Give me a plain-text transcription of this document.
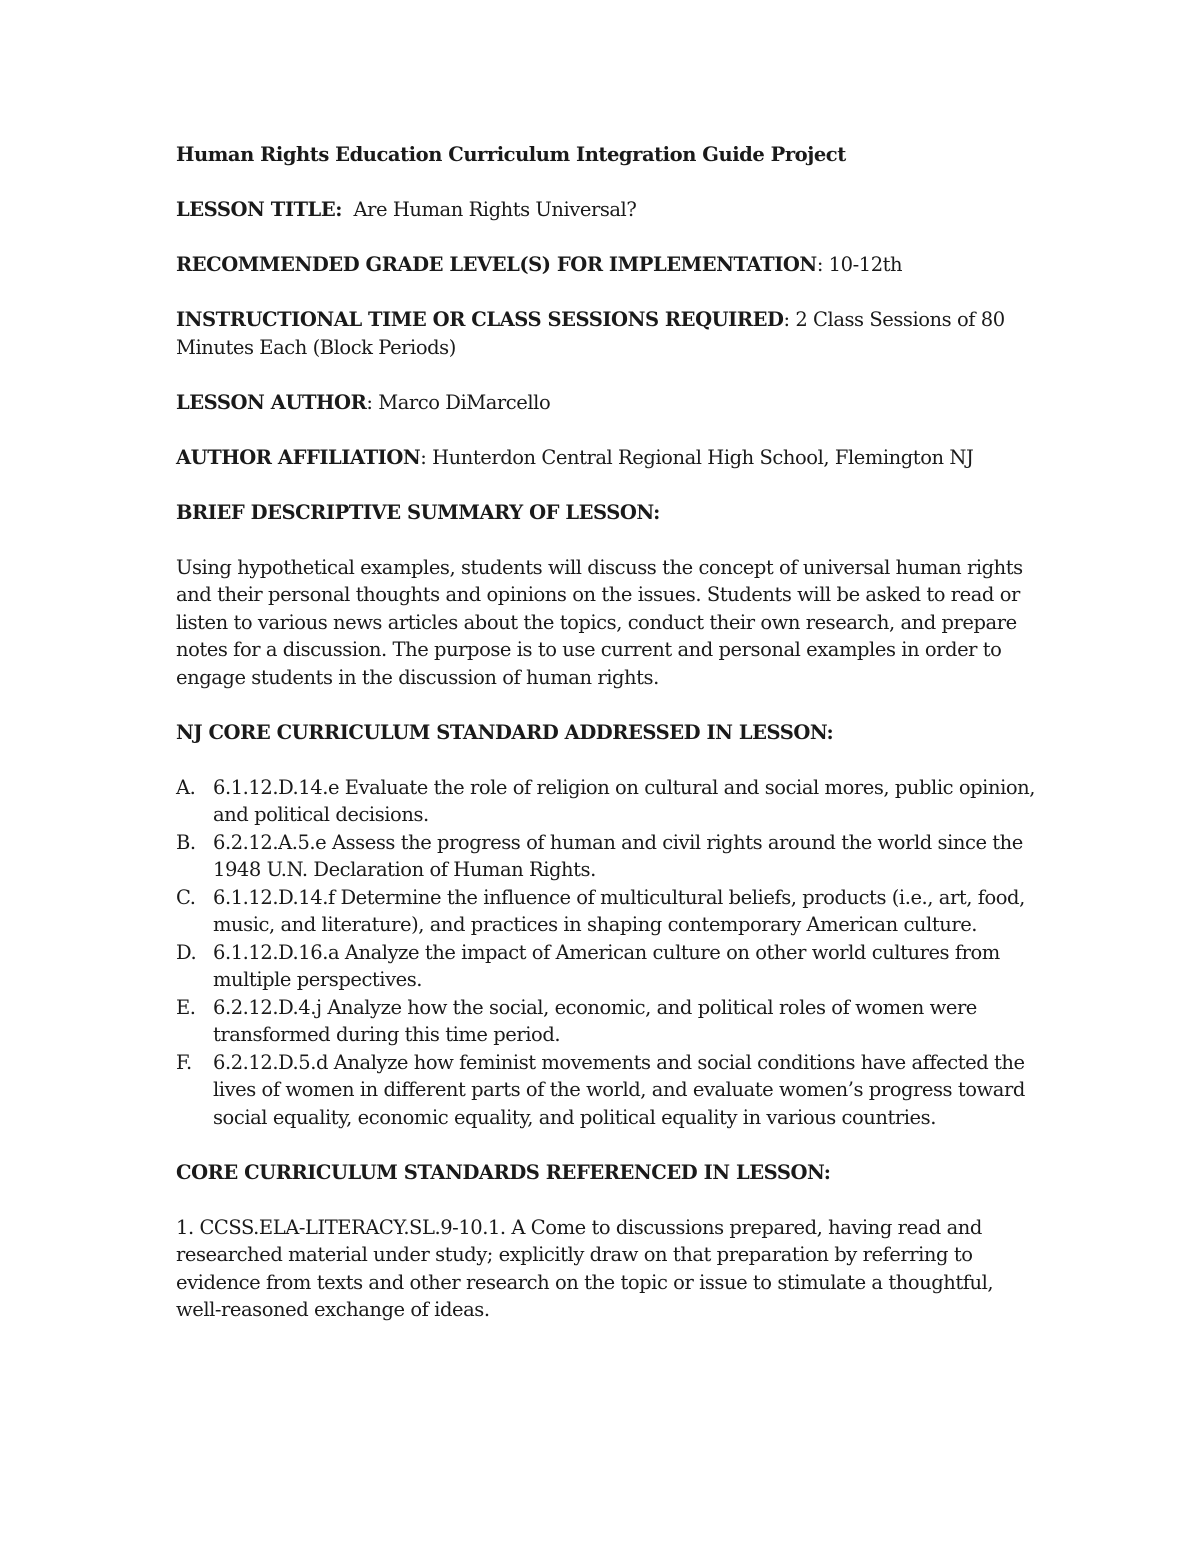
Human Rights Education Curriculum Integration Guide Project

LESSON TITLE: Are Human Rights Universal?

RECOMMENDED GRADE LEVEL(S) FOR IMPLEMENTATION: 10-12th

INSTRUCTIONAL TIME OR CLASS SESSIONS REQUIRED: 2 Class Sessions of 80 Minutes Each (Block Periods)

LESSON AUTHOR: Marco DiMarcello

AUTHOR AFFILIATION: Hunterdon Central Regional High School, Flemington NJ

BRIEF DESCRIPTIVE SUMMARY OF LESSON:

Using hypothetical examples, students will discuss the concept of universal human rights and their personal thoughts and opinions on the issues. Students will be asked to read or listen to various news articles about the topics, conduct their own research, and prepare notes for a discussion. The purpose is to use current and personal examples in order to engage students in the discussion of human rights.

NJ CORE CURRICULUM STANDARD ADDRESSED IN LESSON:

A. 6.1.12.D.14.e Evaluate the role of religion on cultural and social mores, public opinion, and political decisions.
B. 6.2.12.A.5.e Assess the progress of human and civil rights around the world since the 1948 U.N. Declaration of Human Rights.
C. 6.1.12.D.14.f Determine the influence of multicultural beliefs, products (i.e., art, food, music, and literature), and practices in shaping contemporary American culture.
D. 6.1.12.D.16.a Analyze the impact of American culture on other world cultures from multiple perspectives.
E. 6.2.12.D.4.j Analyze how the social, economic, and political roles of women were transformed during this time period.
F.	6.2.12.D.5.d Analyze how feminist movements and social conditions have affected the lives of women in different parts of the world, and evaluate women’s progress toward social equality, economic equality, and political equality in various countries.

CORE CURRICULUM STANDARDS REFERENCED IN LESSON:

1. CCSS.ELA-LITERACY.SL.9-10.1. A Come to discussions prepared, having read and researched material under study; explicitly draw on that preparation by referring to evidence from texts and other research on the topic or issue to stimulate a thoughtful, well-reasoned exchange of ideas.
